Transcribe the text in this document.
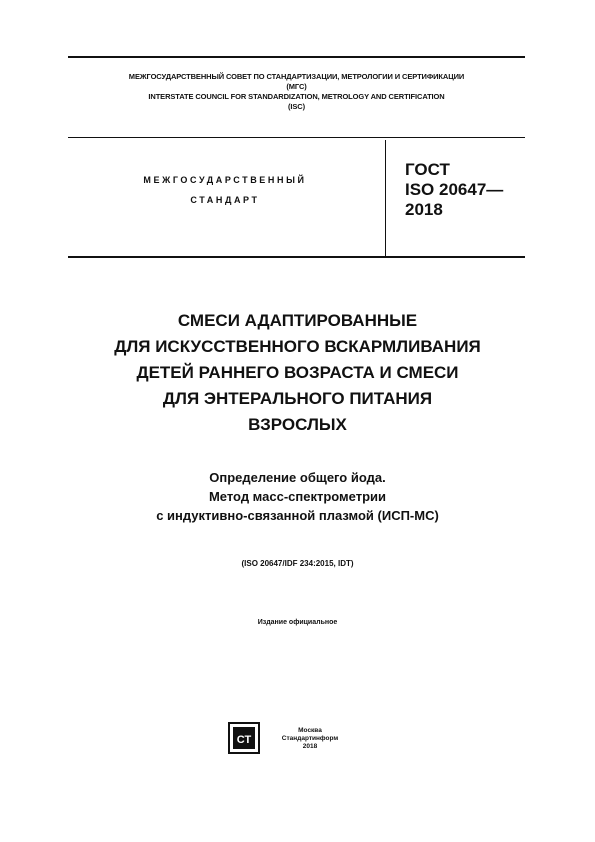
МЕЖГОСУДАРСТВЕННЫЙ СОВЕТ ПО СТАНДАРТИЗАЦИИ, МЕТРОЛОГИИ И СЕРТИФИКАЦИИ
(МГС)
INTERSTATE COUNCIL FOR STANDARDIZATION, METROLOGY AND CERTIFICATION
(ISC)
МЕЖГОСУДАРСТВЕННЫЙ
СТАНДАРТ
ГОСТ
ISO 20647—
2018
СМЕСИ АДАПТИРОВАННЫЕ
ДЛЯ ИСКУССТВЕННОГО ВСКАРМЛИВАНИЯ
ДЕТЕЙ РАННЕГО ВОЗРАСТА И СМЕСИ
ДЛЯ ЭНТЕРАЛЬНОГО ПИТАНИЯ
ВЗРОСЛЫХ
Определение общего йода.
Метод масс-спектрометрии
с индуктивно-связанной плазмой (ИСП-МС)
(ISO 20647/IDF 234:2015, IDT)
Издание официальное
СТ
Москва
Стандартинформ
2018
